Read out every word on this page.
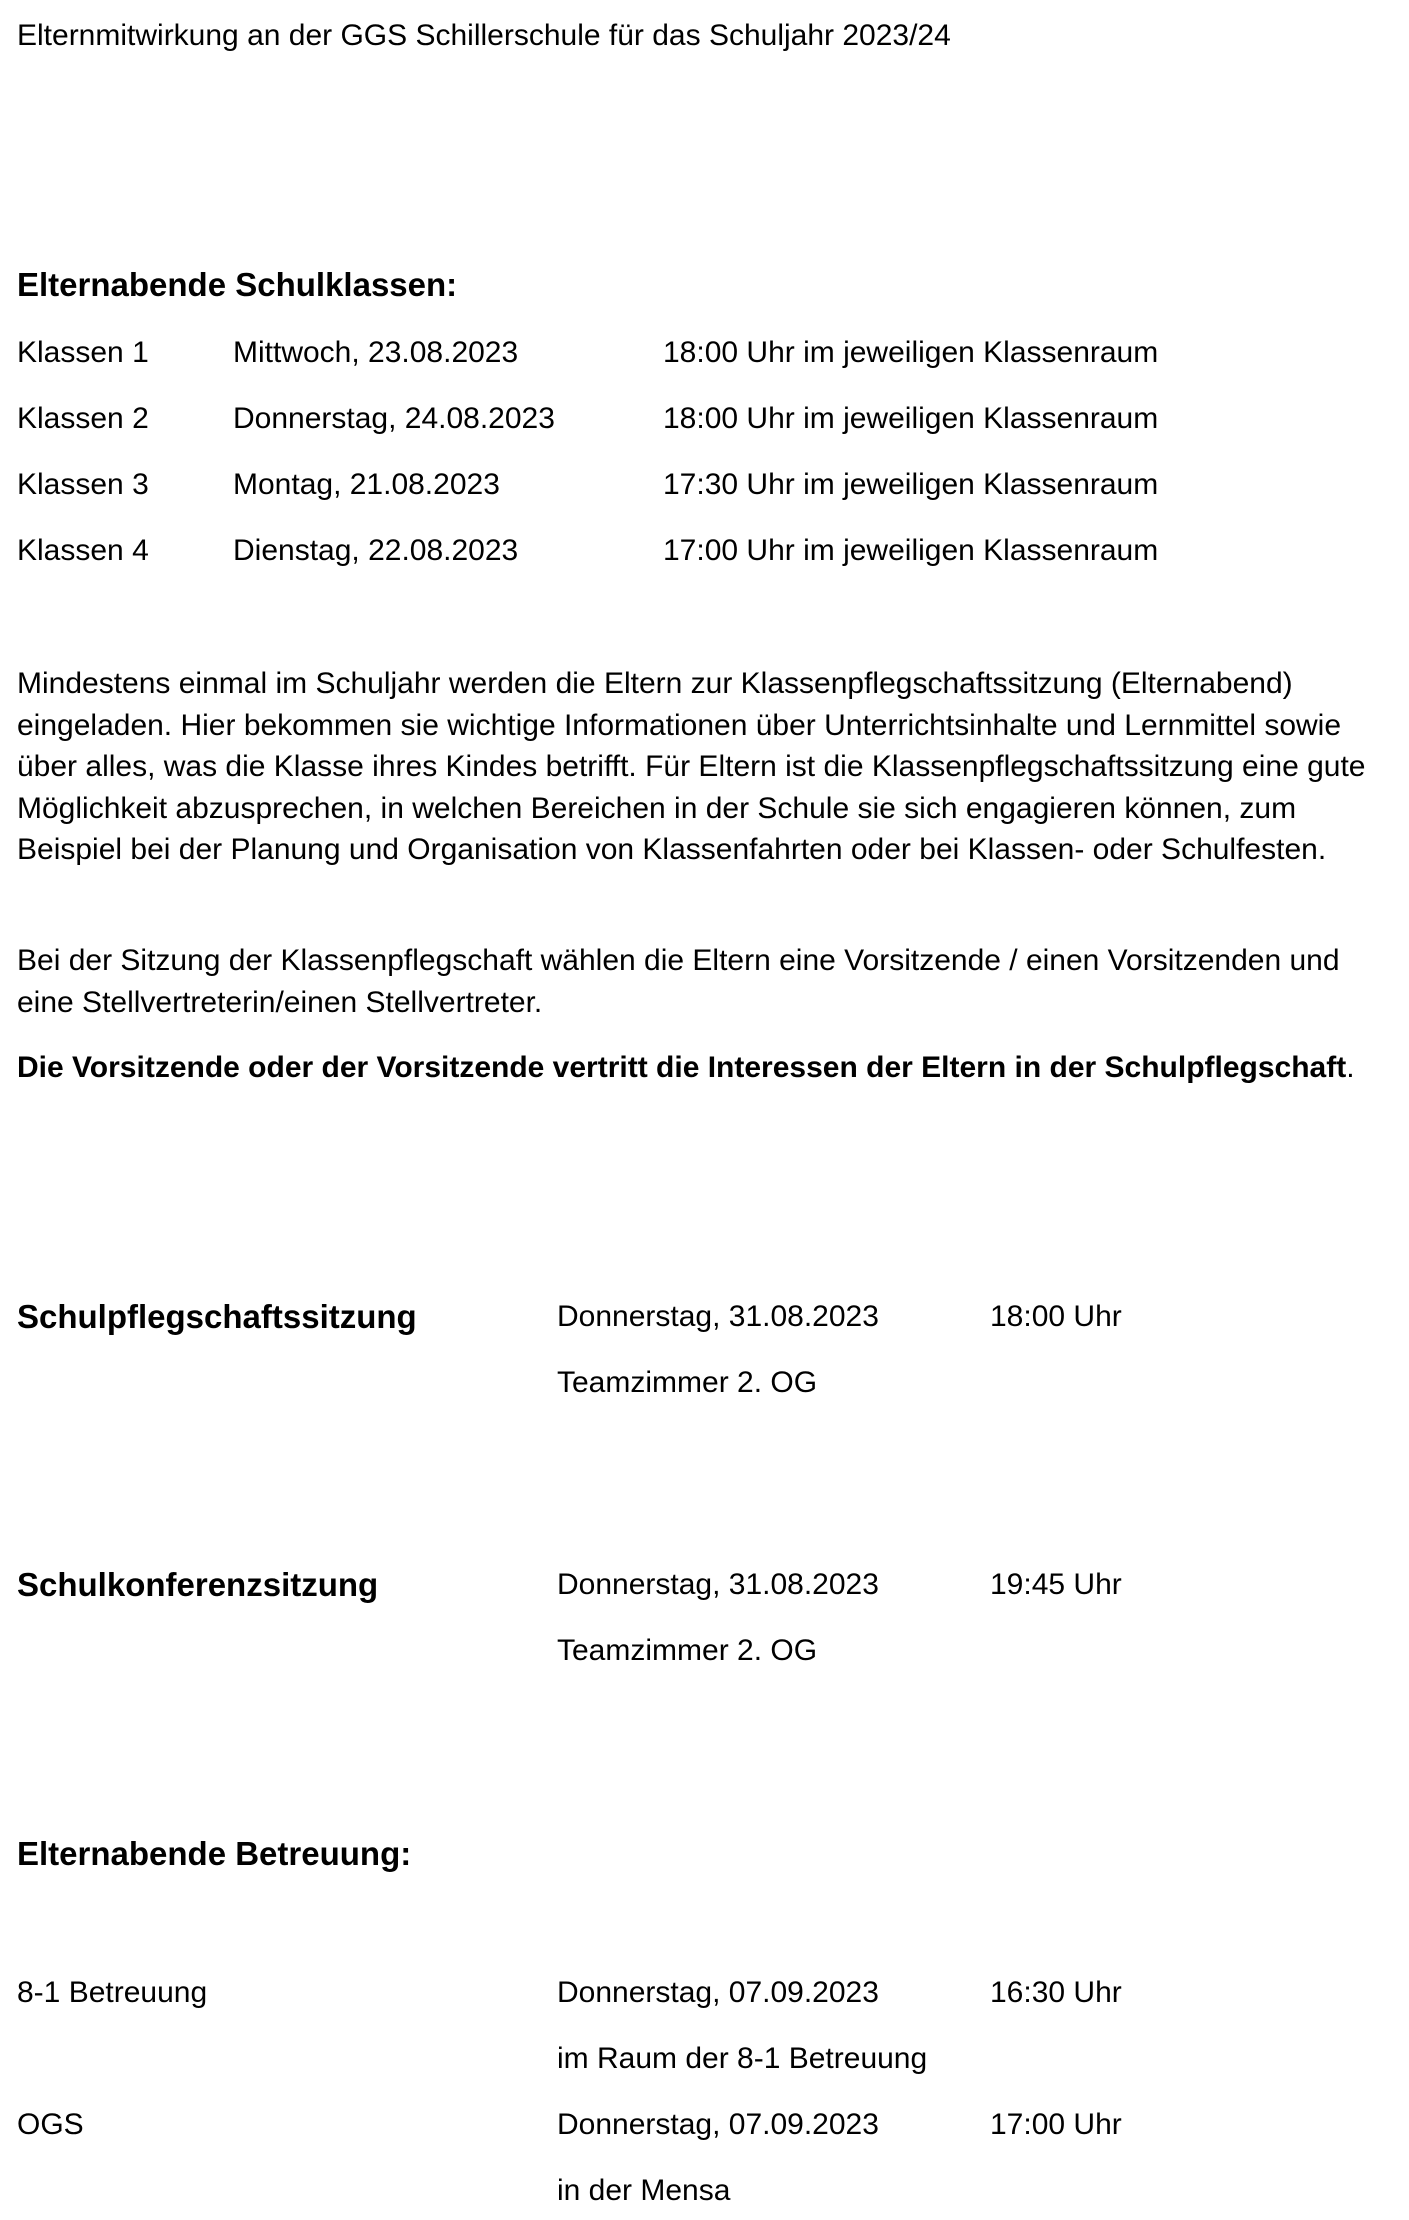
Elternmitwirkung an der GGS Schillerschule für das Schuljahr 2023/24
Elternabende Schulklassen:
Klassen 1	Mittwoch, 23.08.2023	18:00 Uhr im jeweiligen Klassenraum
Klassen 2	Donnerstag, 24.08.2023	18:00 Uhr im jeweiligen Klassenraum
Klassen 3	Montag, 21.08.2023	17:30 Uhr im jeweiligen Klassenraum
Klassen 4	Dienstag, 22.08.2023	17:00 Uhr im jeweiligen Klassenraum
Mindestens einmal im Schuljahr werden die Eltern zur Klassenpflegschaftssitzung (Elternabend) eingeladen. Hier bekommen sie wichtige Informationen über Unterrichtsinhalte und Lernmittel sowie über alles, was die Klasse ihres Kindes betrifft. Für Eltern ist die Klassenpflegschaftssitzung eine gute Möglichkeit abzusprechen, in welchen Bereichen in der Schule sie sich engagieren können, zum Beispiel bei der Planung und Organisation von Klassenfahrten oder bei Klassen- oder Schulfesten.
Bei der Sitzung der Klassenpflegschaft wählen die Eltern eine Vorsitzende / einen Vorsitzenden und eine Stellvertreterin/einen Stellvertreter.
Die Vorsitzende oder der Vorsitzende vertritt die Interessen der Eltern in der Schulpflegschaft.
Schulpflegschaftssitzung	Donnerstag, 31.08.2023	18:00 Uhr
Teamzimmer 2. OG
Schulkonferenzsitzung	Donnerstag, 31.08.2023	19:45 Uhr
Teamzimmer 2. OG
Elternabende Betreuung:
8-1 Betreuung	Donnerstag, 07.09.2023	16:30 Uhr
im Raum der 8-1 Betreuung
OGS	Donnerstag, 07.09.2023	17:00 Uhr
in der Mensa
